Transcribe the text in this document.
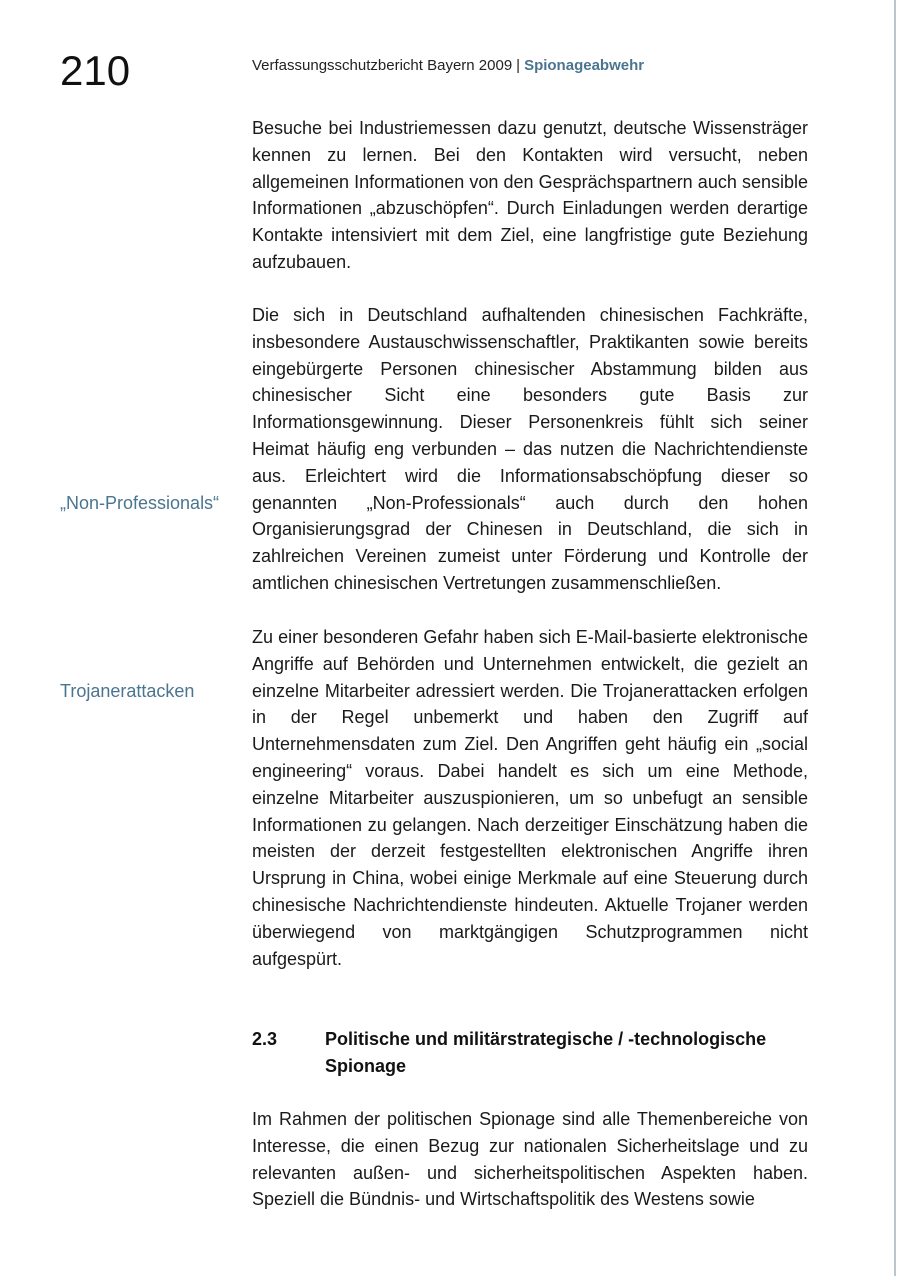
210	Verfassungsschutzbericht Bayern 2009 | Spionageabwehr

Besuche bei Industriemessen dazu genutzt, deutsche Wissensträger kennen zu lernen. Bei den Kontakten wird versucht, neben allgemeinen Informationen von den Gesprächspartnern auch sensible Informationen „abzuschöpfen“. Durch Einladungen werden derartige Kontakte intensiviert mit dem Ziel, eine langfristige gute Beziehung aufzubauen.

Die sich in Deutschland aufhaltenden chinesischen Fachkräfte, insbesondere Austauschwissenschaftler, Praktikanten sowie bereits eingebürgerte Personen chinesischer Abstammung bilden aus chinesischer Sicht eine besonders gute Basis zur Informationsgewinnung. Dieser Personenkreis fühlt sich seiner Heimat häufig eng verbunden – das nutzen die Nachrichtendienste aus. Erleichtert wird die Informationsabschöpfung dieser so genannten „Non-Professionals“ auch durch den hohen Organisierungsgrad der Chinesen in Deutschland, die sich in zahlreichen Vereinen zumeist unter Förderung und Kontrolle der amtlichen chinesischen Vertretungen zusammenschließen.

„Non-Professionals“

Zu einer besonderen Gefahr haben sich E-Mail-basierte elektronische Angriffe auf Behörden und Unternehmen entwickelt, die gezielt an einzelne Mitarbeiter adressiert werden. Die Trojanerattacken erfolgen in der Regel unbemerkt und haben den Zugriff auf Unternehmensdaten zum Ziel. Den Angriffen geht häufig ein „social engineering“ voraus. Dabei handelt es sich um eine Methode, einzelne Mitarbeiter auszuspionieren, um so unbefugt an sensible Informationen zu gelangen. Nach derzeitiger Einschätzung haben die meisten der derzeit festgestellten elektronischen Angriffe ihren Ursprung in China, wobei einige Merkmale auf eine Steuerung durch chinesische Nachrichtendienste hindeuten. Aktuelle Trojaner werden überwiegend von marktgängigen Schutzprogrammen nicht aufgespürt.

Trojanerattacken
2.3	Politische und militärstrategische / -technologische Spionage

Im Rahmen der politischen Spionage sind alle Themenbereiche von Interesse, die einen Bezug zur nationalen Sicherheitslage und zu relevanten außen- und sicherheitspolitischen Aspekten haben. Speziell die Bündnis- und Wirtschaftspolitik des Westens sowie
